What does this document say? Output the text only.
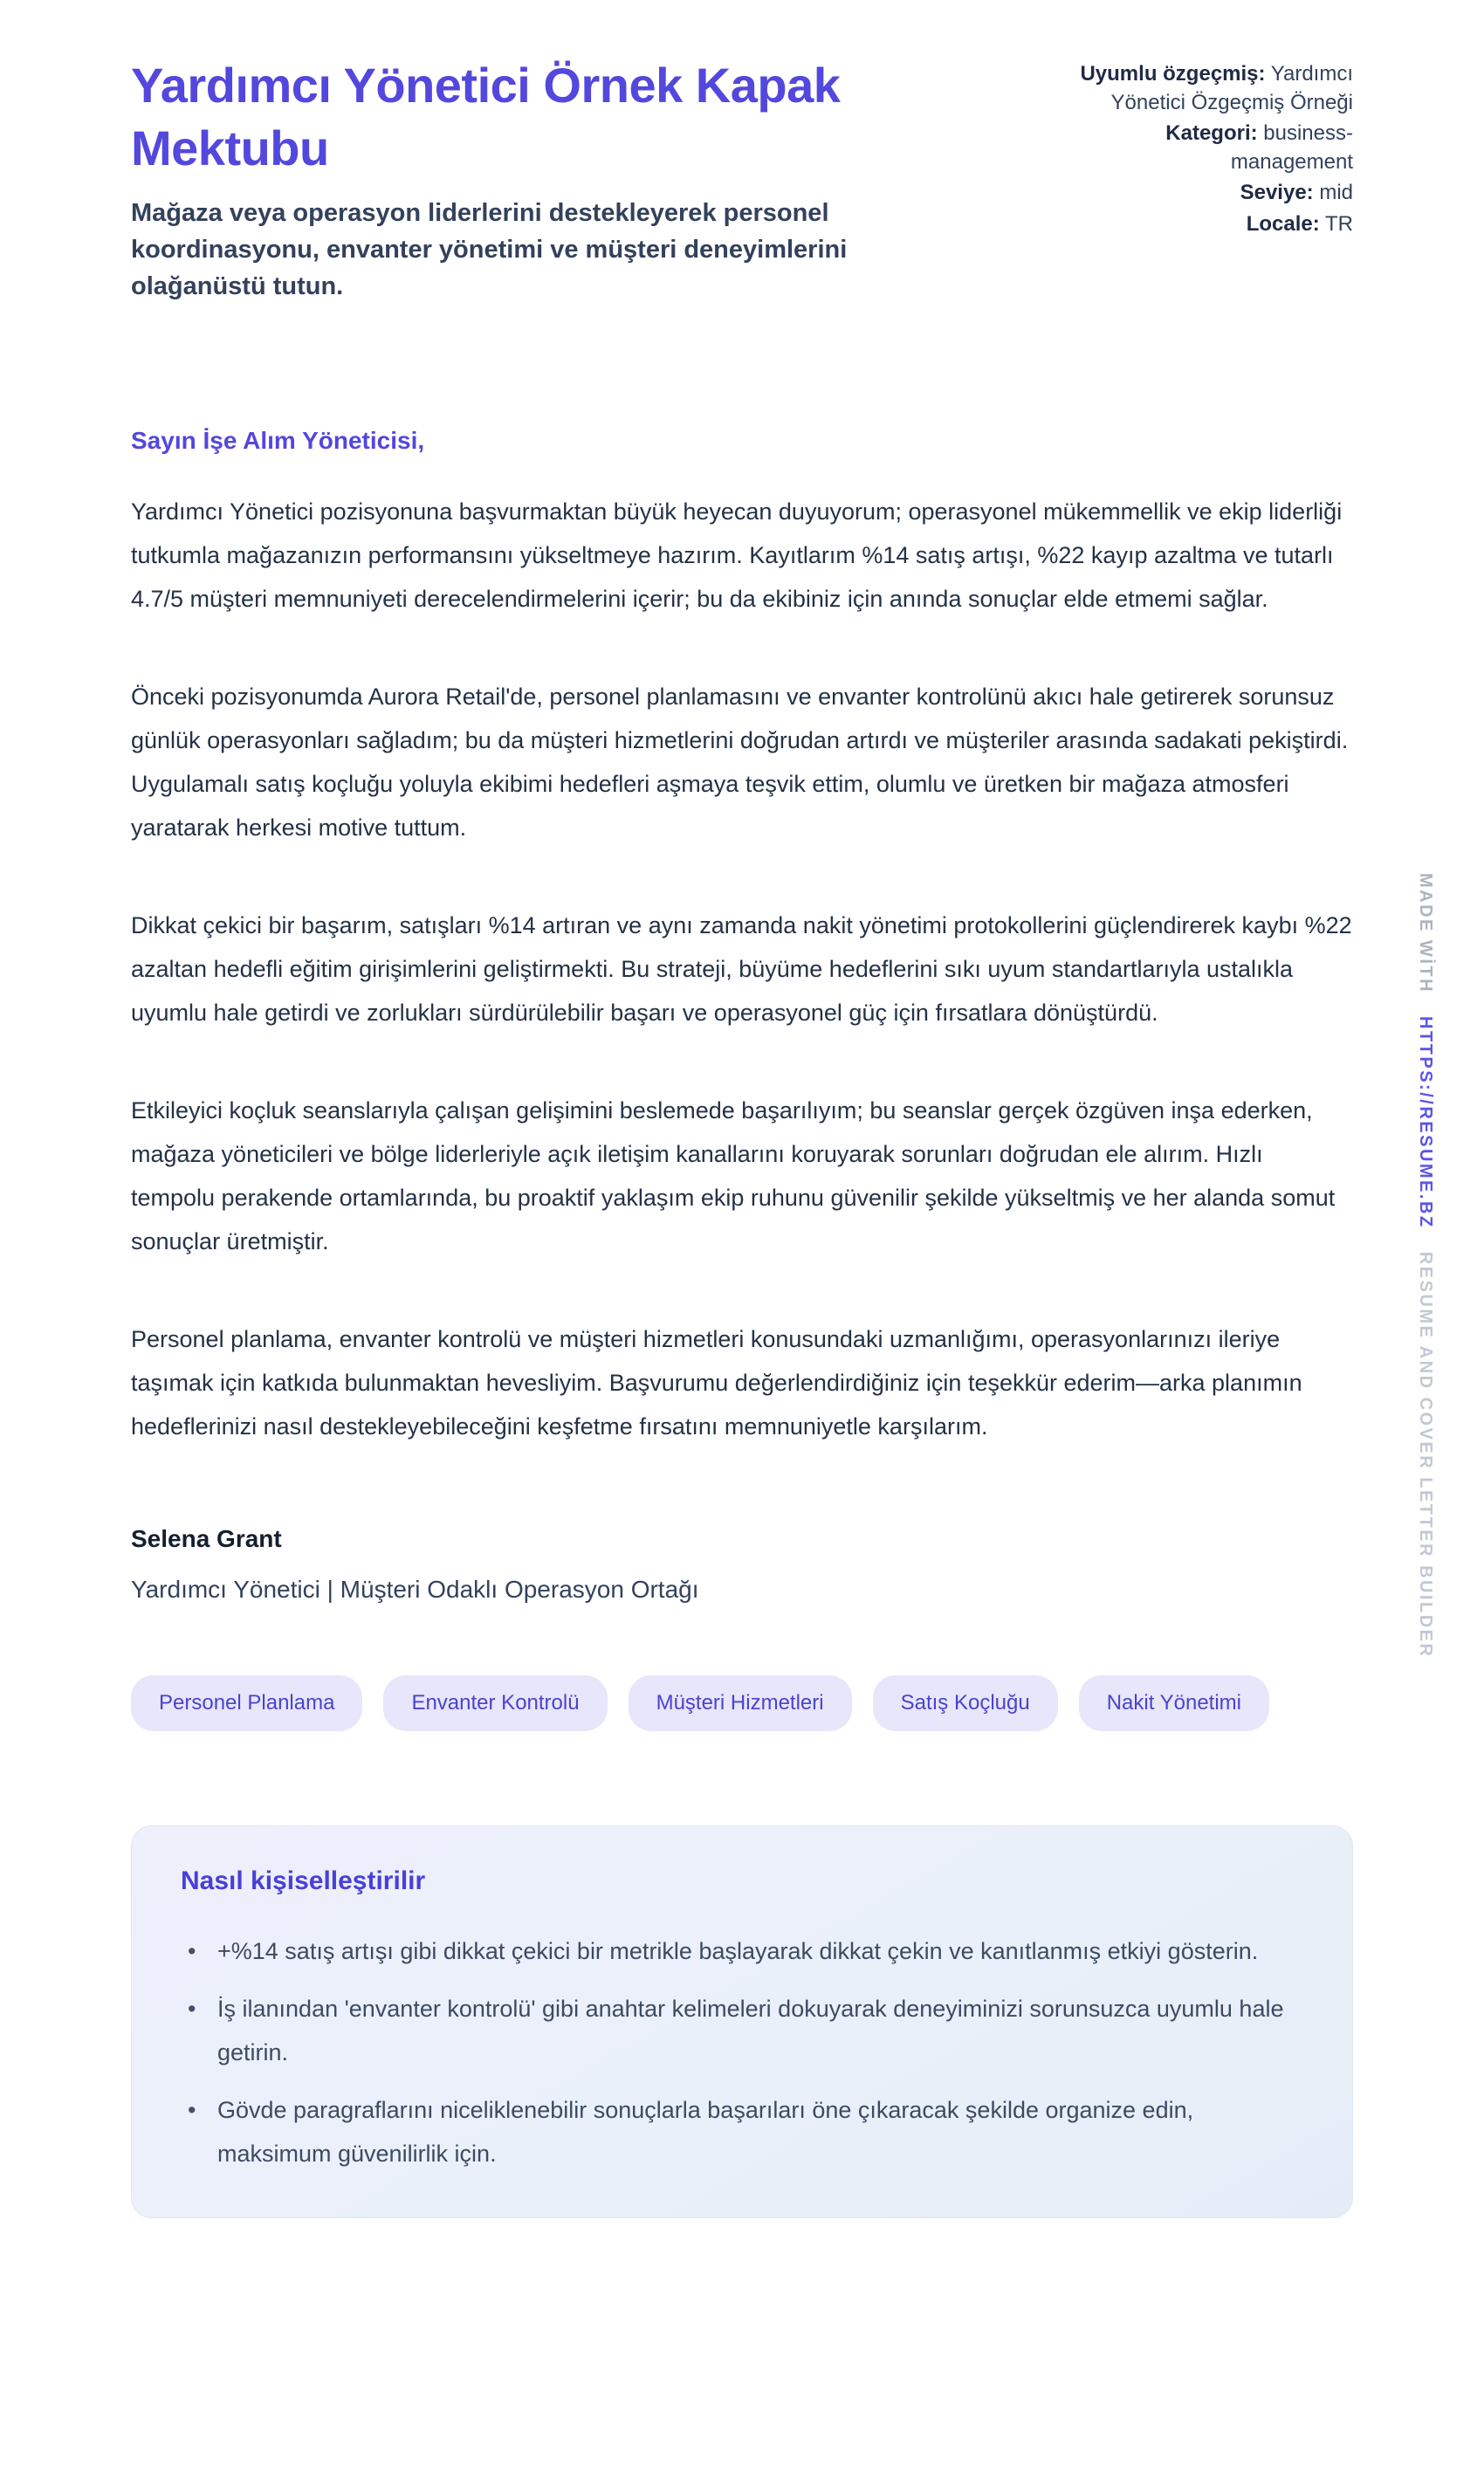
Yardımcı Yönetici Örnek Kapak Mektubu

Mağaza veya operasyon liderlerini destekleyerek personel koordinasyonu, envanter yönetimi ve müşteri deneyimlerini olağanüstü tutun.

Uyumlu özgeçmiş: Yardımcı Yönetici Özgeçmiş Örneği
Kategori: business-management
Seviye: mid
Locale: TR

Sayın İşe Alım Yöneticisi,

Yardımcı Yönetici pozisyonuna başvurmaktan büyük heyecan duyuyorum; operasyonel mükemmellik ve ekip liderliği tutkumla mağazanızın performansını yükseltmeye hazırım. Kayıtlarım %14 satış artışı, %22 kayıp azaltma ve tutarlı 4.7/5 müşteri memnuniyeti derecelendirmelerini içerir; bu da ekibiniz için anında sonuçlar elde etmemi sağlar.

Önceki pozisyonumda Aurora Retail'de, personel planlamasını ve envanter kontrolünü akıcı hale getirerek sorunsuz günlük operasyonları sağladım; bu da müşteri hizmetlerini doğrudan artırdı ve müşteriler arasında sadakati pekiştirdi. Uygulamalı satış koçluğu yoluyla ekibimi hedefleri aşmaya teşvik ettim, olumlu ve üretken bir mağaza atmosferi yaratarak herkesi motive tuttum.

Dikkat çekici bir başarım, satışları %14 artıran ve aynı zamanda nakit yönetimi protokollerini güçlendirerek kaybı %22 azaltan hedefli eğitim girişimlerini geliştirmekti. Bu strateji, büyüme hedeflerini sıkı uyum standartlarıyla ustalıkla uyumlu hale getirdi ve zorlukları sürdürülebilir başarı ve operasyonel güç için fırsatlara dönüştürdü.

Etkileyici koçluk seanslarıyla çalışan gelişimini beslemede başarılıyım; bu seanslar gerçek özgüven inşa ederken, mağaza yöneticileri ve bölge liderleriyle açık iletişim kanallarını koruyarak sorunları doğrudan ele alırım. Hızlı tempolu perakende ortamlarında, bu proaktif yaklaşım ekip ruhunu güvenilir şekilde yükseltmiş ve her alanda somut sonuçlar üretmiştir.

Personel planlama, envanter kontrolü ve müşteri hizmetleri konusundaki uzmanlığımı, operasyonlarınızı ileriye taşımak için katkıda bulunmaktan hevesliyim. Başvurumu değerlendirdiğiniz için teşekkür ederim—arka planımın hedeflerinizi nasıl destekleyebileceğini keşfetme fırsatını memnuniyetle karşılarım.

Selena Grant

Yardımcı Yönetici | Müşteri Odaklı Operasyon Ortağı

Personel Planlama	Envanter Kontrolü	Müşteri Hizmetleri	Satış Koçluğu	Nakit Yönetimi
Nasıl kişiselleştirilir
• +%14 satış artışı gibi dikkat çekici bir metrikle başlayarak dikkat çekin ve kanıtlanmış etkiyi gösterin.
• İş ilanından 'envanter kontrolü' gibi anahtar kelimeleri dokuyarak deneyiminizi sorunsuzca uyumlu hale getirin.
• Gövde paragraflarını niceliklenebilir sonuçlarla başarıları öne çıkaracak şekilde organize edin, maksimum güvenilirlik için.
MADE WİTH HTTPS://RESUME.BZ RESUME AND COVER LETTER BUILDER
